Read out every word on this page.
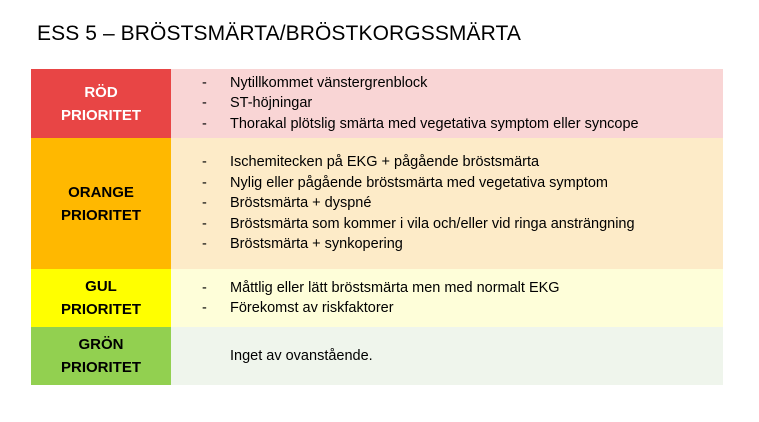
ESS 5 – BRÖSTSMÄRTA/BRÖSTKORGSSMÄRTA
RÖD
PRIORITET
-	Nytillkommet vänstergrenblock
-	ST-höjningar
-	Thorakal plötslig smärta med vegetativa symptom eller syncope
ORANGE
PRIORITET
-	Ischemitecken på EKG + pågående bröstsmärta
-	Nylig eller pågående bröstsmärta med vegetativa symptom
-	Bröstsmärta + dyspné
-	Bröstsmärta som kommer i vila och/eller vid ringa ansträngning
-	Bröstsmärta + synkopering
GUL
PRIORITET
-	Måttlig eller lätt bröstsmärta men med normalt EKG
-	Förekomst av riskfaktorer
GRÖN
PRIORITET
Inget av ovanstående.
